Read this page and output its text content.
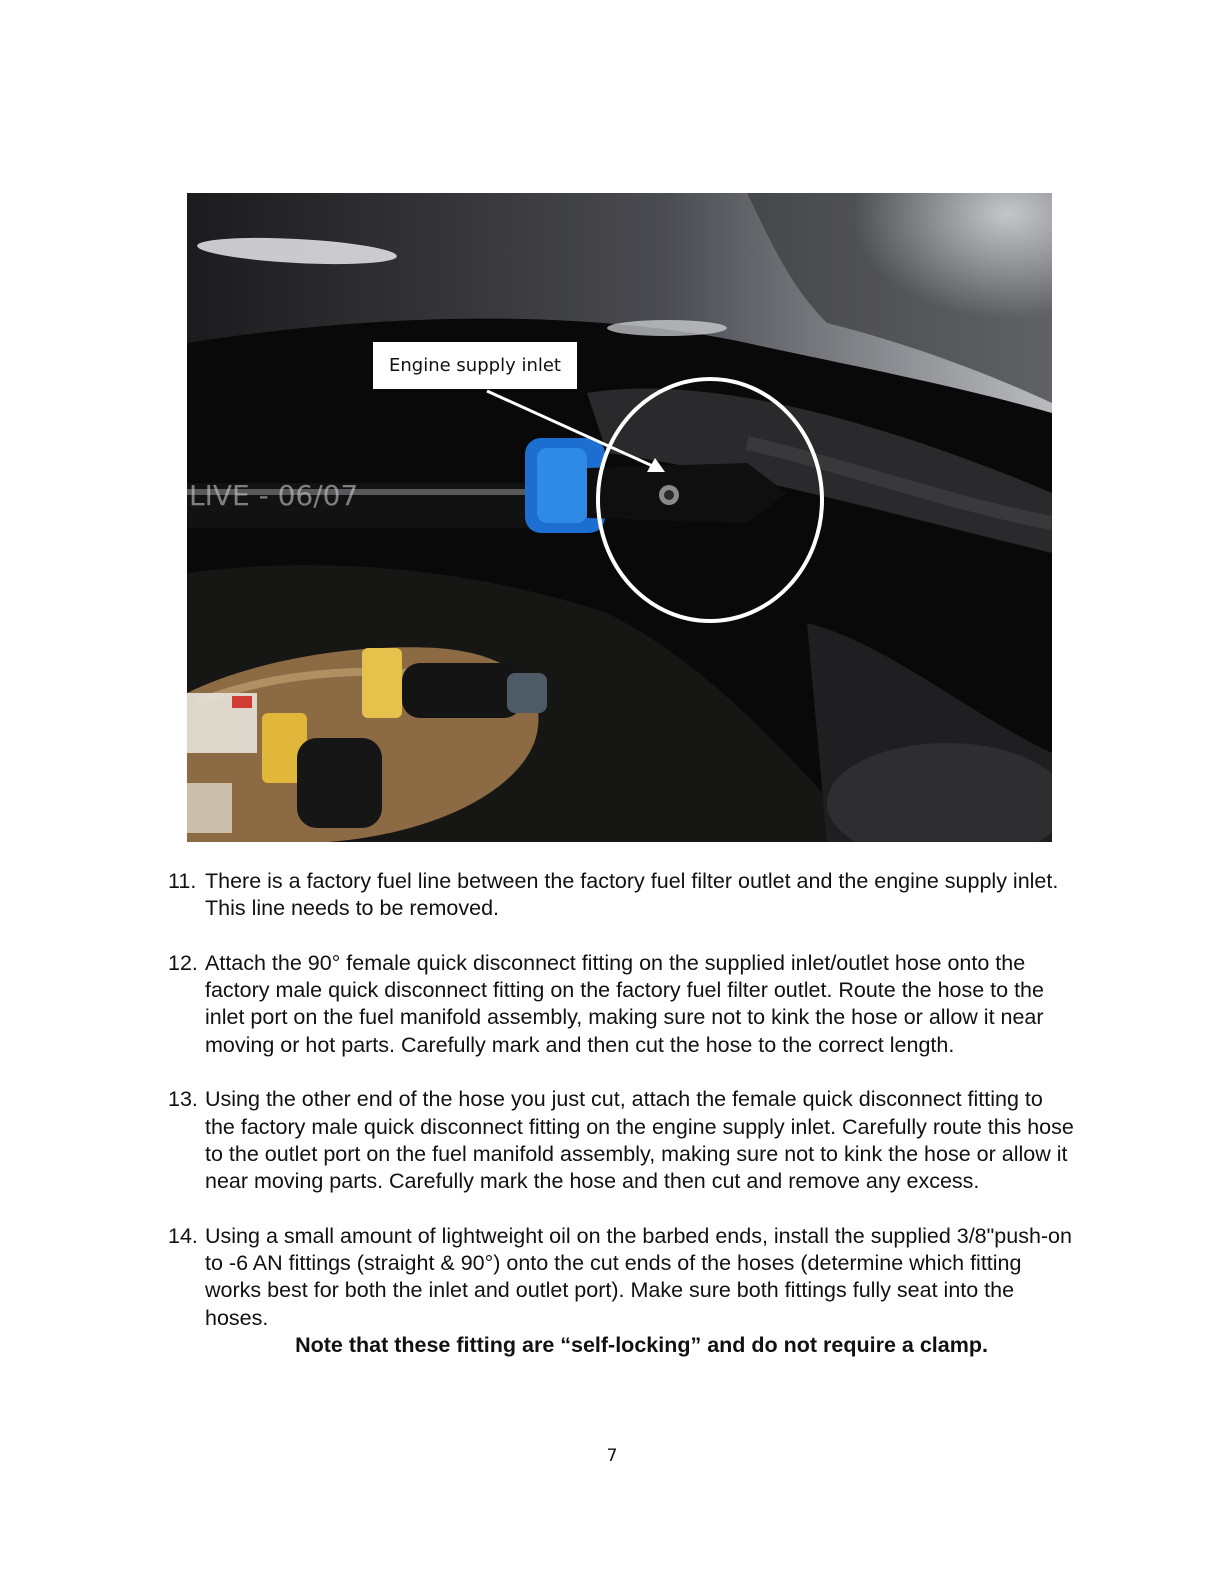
LIVE - 06/07
Engine supply inlet
11. There is a factory fuel line between the factory fuel filter outlet and the engine supply inlet. This line needs to be removed.
12. Attach the 90° female quick disconnect fitting on the supplied inlet/outlet hose onto the factory male quick disconnect fitting on the factory fuel filter outlet. Route the hose to the inlet port on the fuel manifold assembly, making sure not to kink the hose or allow it near moving or hot parts. Carefully mark and then cut the hose to the correct length.
13. Using the other end of the hose you just cut, attach the female quick disconnect fitting to the factory male quick disconnect fitting on the engine supply inlet. Carefully route this hose to the outlet port on the fuel manifold assembly, making sure not to kink the hose or allow it near moving parts. Carefully mark the hose and then cut and remove any excess.
14. Using a small amount of lightweight oil on the barbed ends, install the supplied 3/8"push-on to -6 AN fittings (straight & 90°) onto the cut ends of the hoses (determine which fitting works best for both the inlet and outlet port). Make sure both fittings fully seat into the hoses.
Note that these fitting are “self-locking” and do not require a clamp.
7
